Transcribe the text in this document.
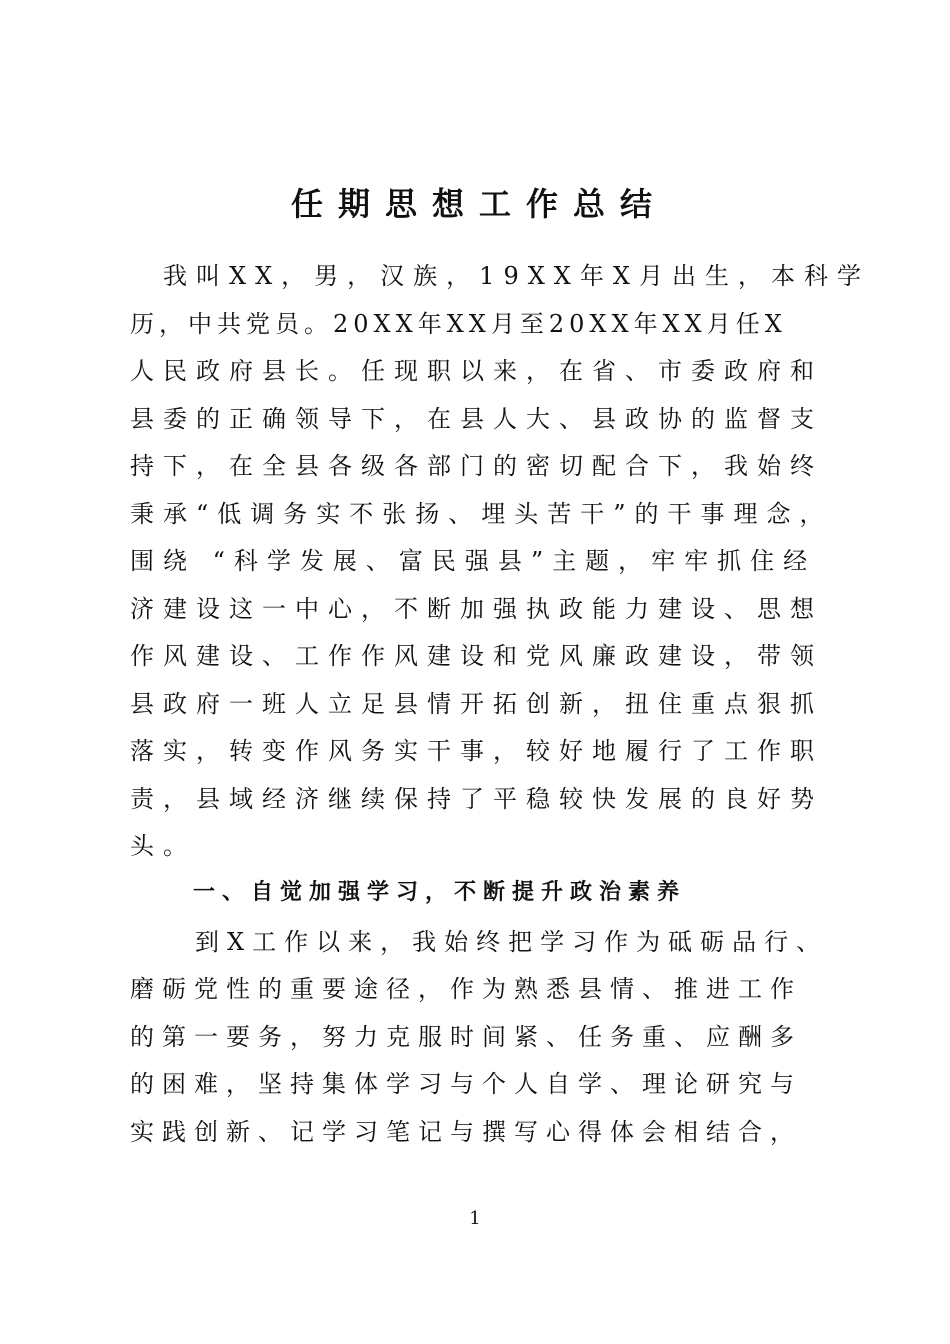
任期思想工作总结

我叫XX，男，汉族，19XX年X月出生，本科学

历，中共党员。20XX年XX月至20XX年XX月任X

人民政府县长。任现职以来，在省、市委政府和

县委的正确领导下，在县人大、县政协的监督支

持下，在全县各级各部门的密切配合下，我始终

秉承“低调务实不张扬、埋头苦干”的干事理念，

围绕 “科学发展、富民强县”主题，牢牢抓住经

济建设这一中心，不断加强执政能力建设、思想

作风建设、工作作风建设和党风廉政建设，带领

县政府一班人立足县情开拓创新，扭住重点狠抓

落实，转变作风务实干事，较好地履行了工作职

责，县域经济继续保持了平稳较快发展的良好势

头。

一、自觉加强学习，不断提升政治素养

到X工作以来，我始终把学习作为砥砺品行、

磨砺党性的重要途径，作为熟悉县情、推进工作

的第一要务，努力克服时间紧、任务重、应酬多

的困难，坚持集体学习与个人自学、理论研究与

实践创新、记学习笔记与撰写心得体会相结合，

1
